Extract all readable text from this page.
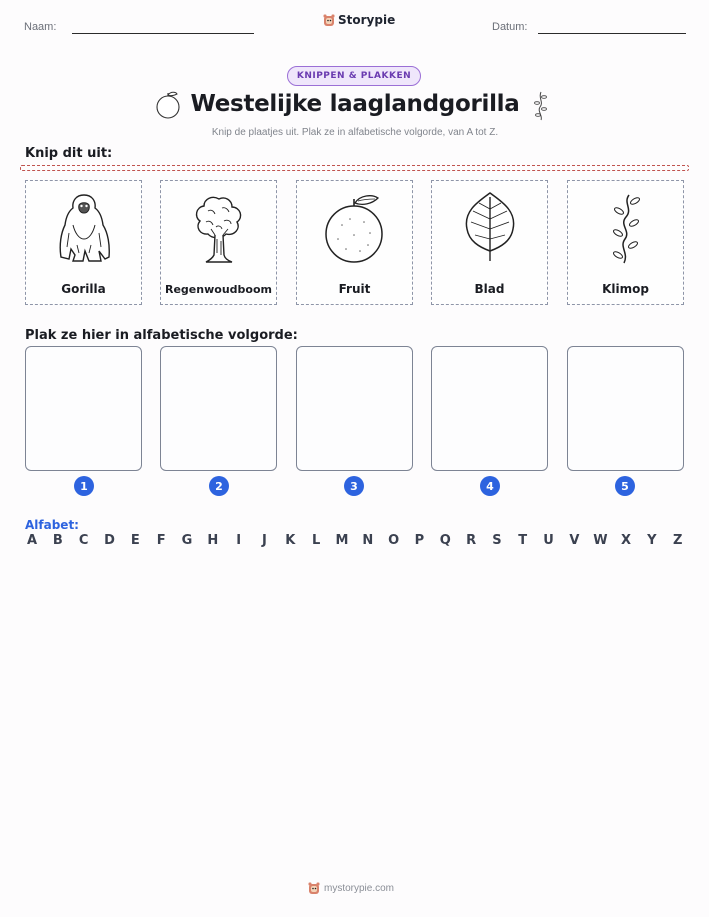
Naam:	Storypie	Datum:
KNIPPEN & PLAKKEN
Westelijke laaglandgorilla
Knip de plaatjes uit. Plak ze in alfabetische volgorde, van A tot Z.
Knip dit uit:
Gorilla	Regenwoudboom	Fruit	Blad	Klimop
Plak ze hier in alfabetische volgorde:
1	2	3	4	5
Alfabet:
A B C D E F G H	I	J	K L M N O P Q R S T U V W X Y Z
mystorypie.com
